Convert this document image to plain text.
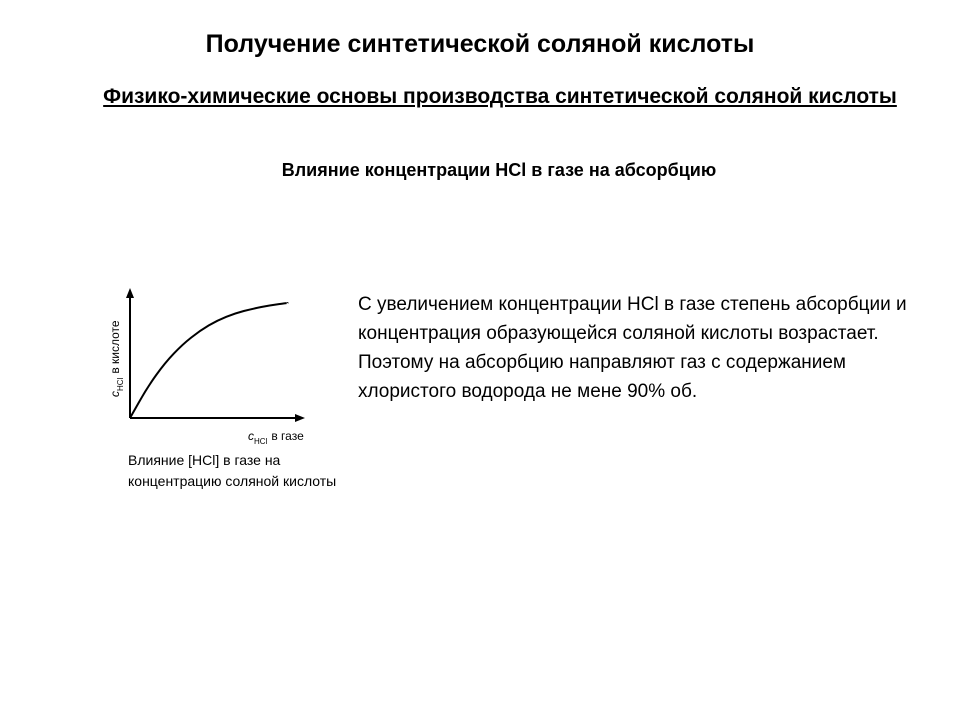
Получение синтетической соляной кислоты
Физико-химические основы производства синтетической соляной кислоты
Влияние концентрации HCl в газе на абсорбцию
$c_{HCl}в$ кислоте
$c_{HCl}$ в газе

Влияние [HCl] в газе на концентрацию соляной кислоты

С увеличением концентрации HCl в газе степень абсорбции и концентрация образующейся соляной кислоты возрастает.

Поэтому на абсорбцию направляют газ с содержанием хлористого водорода не мене 90% об.
